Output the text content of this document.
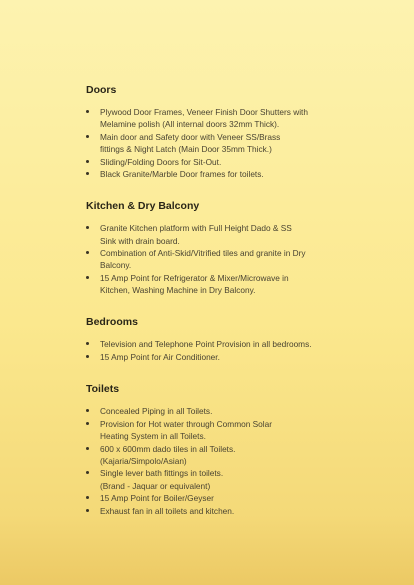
Doors
Plywood Door Frames, Veneer Finish Door Shutters with Melamine polish (All internal doors 32mm Thick).
Main door and Safety door with Veneer SS/Brass fittings & Night Latch (Main Door 35mm Thick.)
Sliding/Folding Doors for Sit-Out.
Black Granite/Marble Door frames for toilets.
Kitchen & Dry Balcony
Granite Kitchen platform with Full Height Dado & SS Sink with drain board.
Combination of Anti-Skid/Vitrified tiles and granite in Dry Balcony.
15 Amp Point for Refrigerator & Mixer/Microwave in Kitchen, Washing Machine in Dry Balcony.
Bedrooms
Television and Telephone Point Provision in all bedrooms.
15 Amp Point for Air Conditioner.
Toilets
Concealed Piping in all Toilets.
Provision for Hot water through Common Solar Heating System in all Toilets.
600 x 600mm dado tiles in all Toilets. (Kajaria/Simpolo/Asian)
Single lever bath fittings in toilets. (Brand - Jaquar or equivalent)
15 Amp Point for Boiler/Geyser
Exhaust fan in all toilets and kitchen.
